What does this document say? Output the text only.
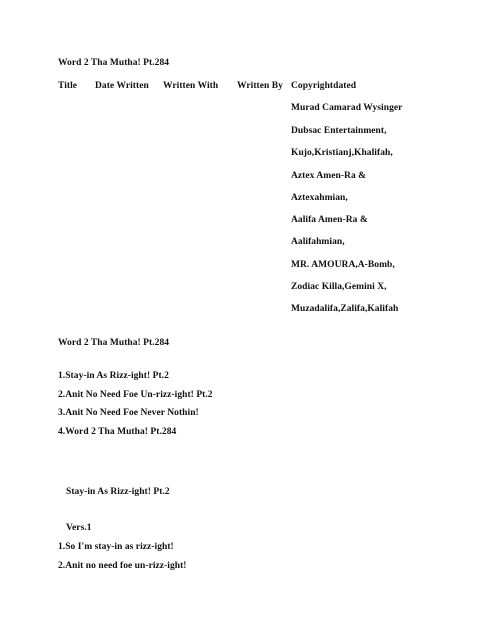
Word 2 Tha Mutha! Pt.284
Title Date Written Written With Written By Copyrightdated
Murad Camarad Wysinger
Dubsac Entertainment,
Kujo,Kristianj,Khalifah,
Aztex Amen-Ra &
Aztexahmian,
Aalifa Amen-Ra &
Aalifahmian,
MR. AMOURA,A-Bomb,
Zodiac Killa,Gemini X,
Muzadalifa,Zalifa,Kalifah
Word 2 Tha Mutha! Pt.284
1.Stay-in As Rizz-ight! Pt.2
2.Anit No Need Foe Un-rizz-ight! Pt.2
3.Anit No Need Foe Never Nothin!
4.Word 2 Tha Mutha! Pt.284
Stay-in As Rizz-ight! Pt.2
Vers.1
1.So I'm stay-in as rizz-ight!
2.Anit no need foe un-rizz-ight!
